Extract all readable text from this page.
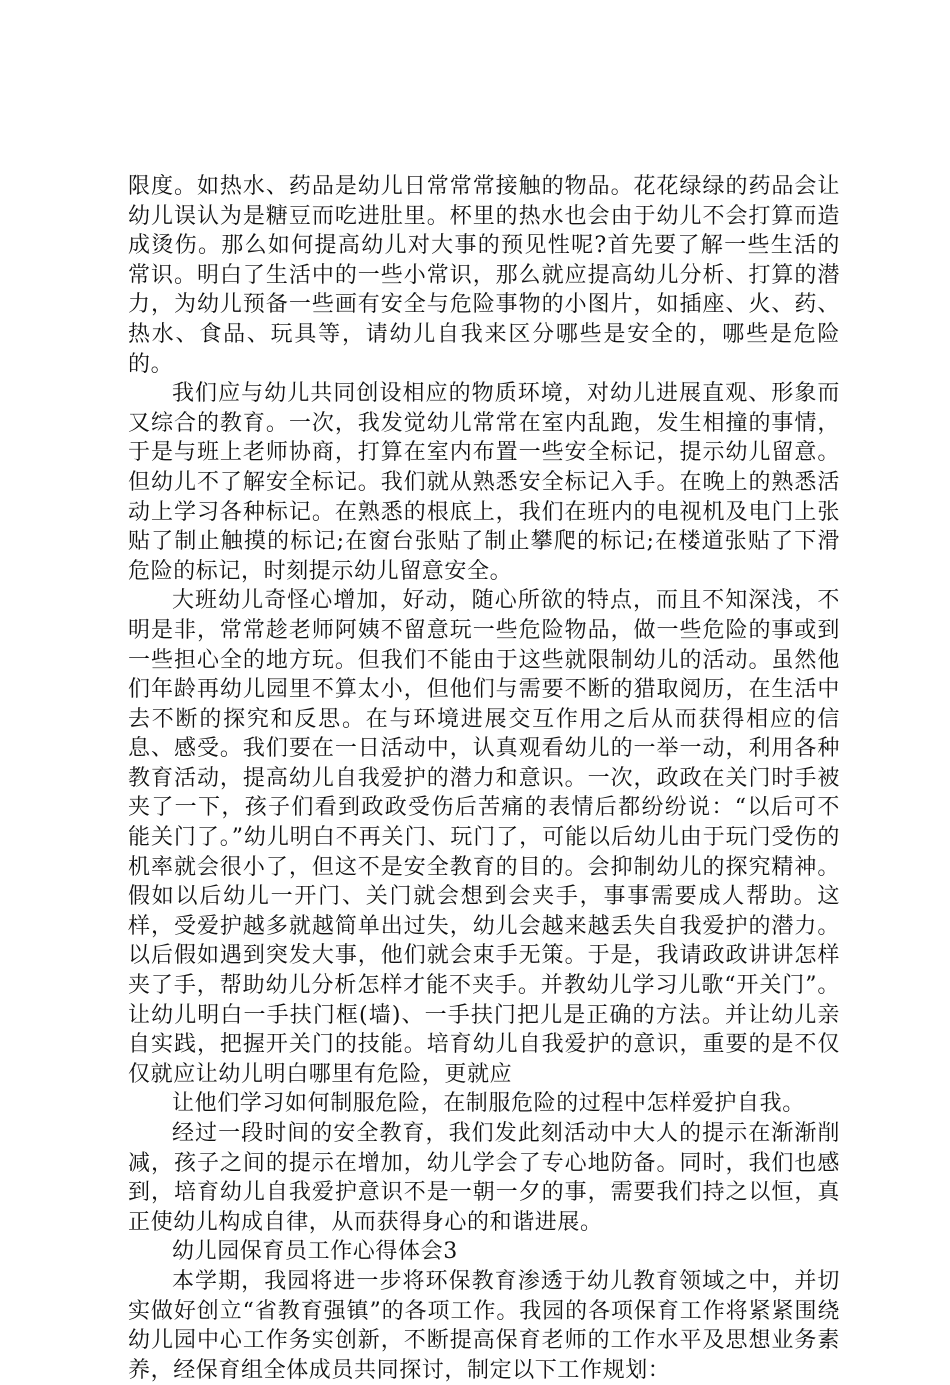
限度。如热水、药品是幼儿日常常常接触的物品。花花绿绿的药品会让幼儿误认为是糖豆而吃进肚里。杯里的热水也会由于幼儿不会打算而造成烫伤。那么如何提高幼儿对大事的预见性呢?首先要了解一些生活的常识。明白了生活中的一些小常识，那么就应提高幼儿分析、打算的潜力，为幼儿预备一些画有安全与危险事物的小图片，如插座、火、药、热水、食品、玩具等，请幼儿自我来区分哪些是安全的，哪些是危险的。

我们应与幼儿共同创设相应的物质环境，对幼儿进展直观、形象而又综合的教育。一次，我发觉幼儿常常在室内乱跑，发生相撞的事情，于是与班上老师协商，打算在室内布置一些安全标记，提示幼儿留意。但幼儿不了解安全标记。我们就从熟悉安全标记入手。在晚上的熟悉活动上学习各种标记。在熟悉的根底上，我们在班内的电视机及电门上张贴了制止触摸的标记;在窗台张贴了制止攀爬的标记;在楼道张贴了下滑危险的标记，时刻提示幼儿留意安全。

大班幼儿奇怪心增加，好动，随心所欲的特点，而且不知深浅，不明是非，常常趁老师阿姨不留意玩一些危险物品，做一些危险的事或到一些担心全的地方玩。但我们不能由于这些就限制幼儿的活动。虽然他们年龄再幼儿园里不算太小，但他们与需要不断的猎取阅历，在生活中去不断的探究和反思。在与环境进展交互作用之后从而获得相应的信息、感受。我们要在一日活动中，认真观看幼儿的一举一动，利用各种教育活动，提高幼儿自我爱护的潜力和意识。一次，政政在关门时手被夹了一下，孩子们看到政政受伤后苦痛的表情后都纷纷说：“以后可不能关门了。”幼儿明白不再关门、玩门了，可能以后幼儿由于玩门受伤的机率就会很小了，但这不是安全教育的目的。会抑制幼儿的探究精神。假如以后幼儿一开门、关门就会想到会夹手，事事需要成人帮助。这样，受爱护越多就越简单出过失，幼儿会越来越丢失自我爱护的潜力。以后假如遇到突发大事，他们就会束手无策。于是，我请政政讲讲怎样夹了手，帮助幼儿分析怎样才能不夹手。并教幼儿学习儿歌“开关门”。让幼儿明白一手扶门框(墙)、一手扶门把儿是正确的方法。并让幼儿亲自实践，把握开关门的技能。培育幼儿自我爱护的意识，重要的是不仅仅就应让幼儿明白哪里有危险，更就应

让他们学习如何制服危险，在制服危险的过程中怎样爱护自我。

经过一段时间的安全教育，我们发此刻活动中大人的提示在渐渐削减，孩子之间的提示在增加，幼儿学会了专心地防备。同时，我们也感到，培育幼儿自我爱护意识不是一朝一夕的事，需要我们持之以恒，真正使幼儿构成自律，从而获得身心的和谐进展。

幼儿园保育员工作心得体会3

本学期，我园将进一步将环保教育渗透于幼儿教育领域之中，并切实做好创立“省教育强镇”的各项工作。我园的各项保育工作将紧紧围绕幼儿园中心工作务实创新，不断提高保育老师的工作水平及思想业务素养，经保育组全体成员共同探讨，制定以下工作规划：
